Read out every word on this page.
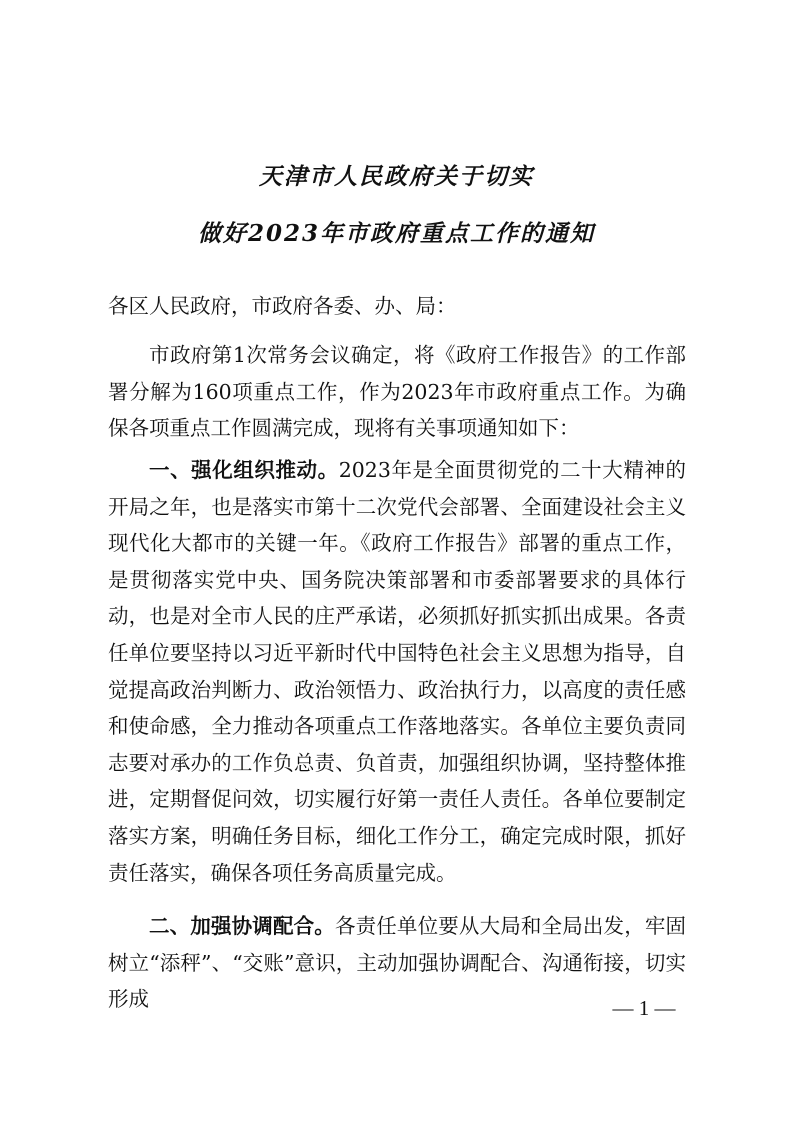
天津市人民政府关于切实
做好2023年市政府重点工作的通知
各区人民政府，市政府各委、办、局：
市政府第1次常务会议确定，将《政府工作报告》的工作部署分解为160项重点工作，作为2023年市政府重点工作。为确保各项重点工作圆满完成，现将有关事项通知如下：
一、强化组织推动。2023年是全面贯彻党的二十大精神的开局之年，也是落实市第十二次党代会部署、全面建设社会主义现代化大都市的关键一年。《政府工作报告》部署的重点工作，是贯彻落实党中央、国务院决策部署和市委部署要求的具体行动，也是对全市人民的庄严承诺，必须抓好抓实抓出成果。各责任单位要坚持以习近平新时代中国特色社会主义思想为指导，自觉提高政治判断力、政治领悟力、政治执行力，以高度的责任感和使命感，全力推动各项重点工作落地落实。各单位主要负责同志要对承办的工作负总责、负首责，加强组织协调，坚持整体推进，定期督促问效，切实履行好第一责任人责任。各单位要制定落实方案，明确任务目标，细化工作分工，确定完成时限，抓好责任落实，确保各项任务高质量完成。
二、加强协调配合。各责任单位要从大局和全局出发，牢固树立“添秤”、“交账”意识，主动加强协调配合、沟通衔接，切实形成	— 1 —
